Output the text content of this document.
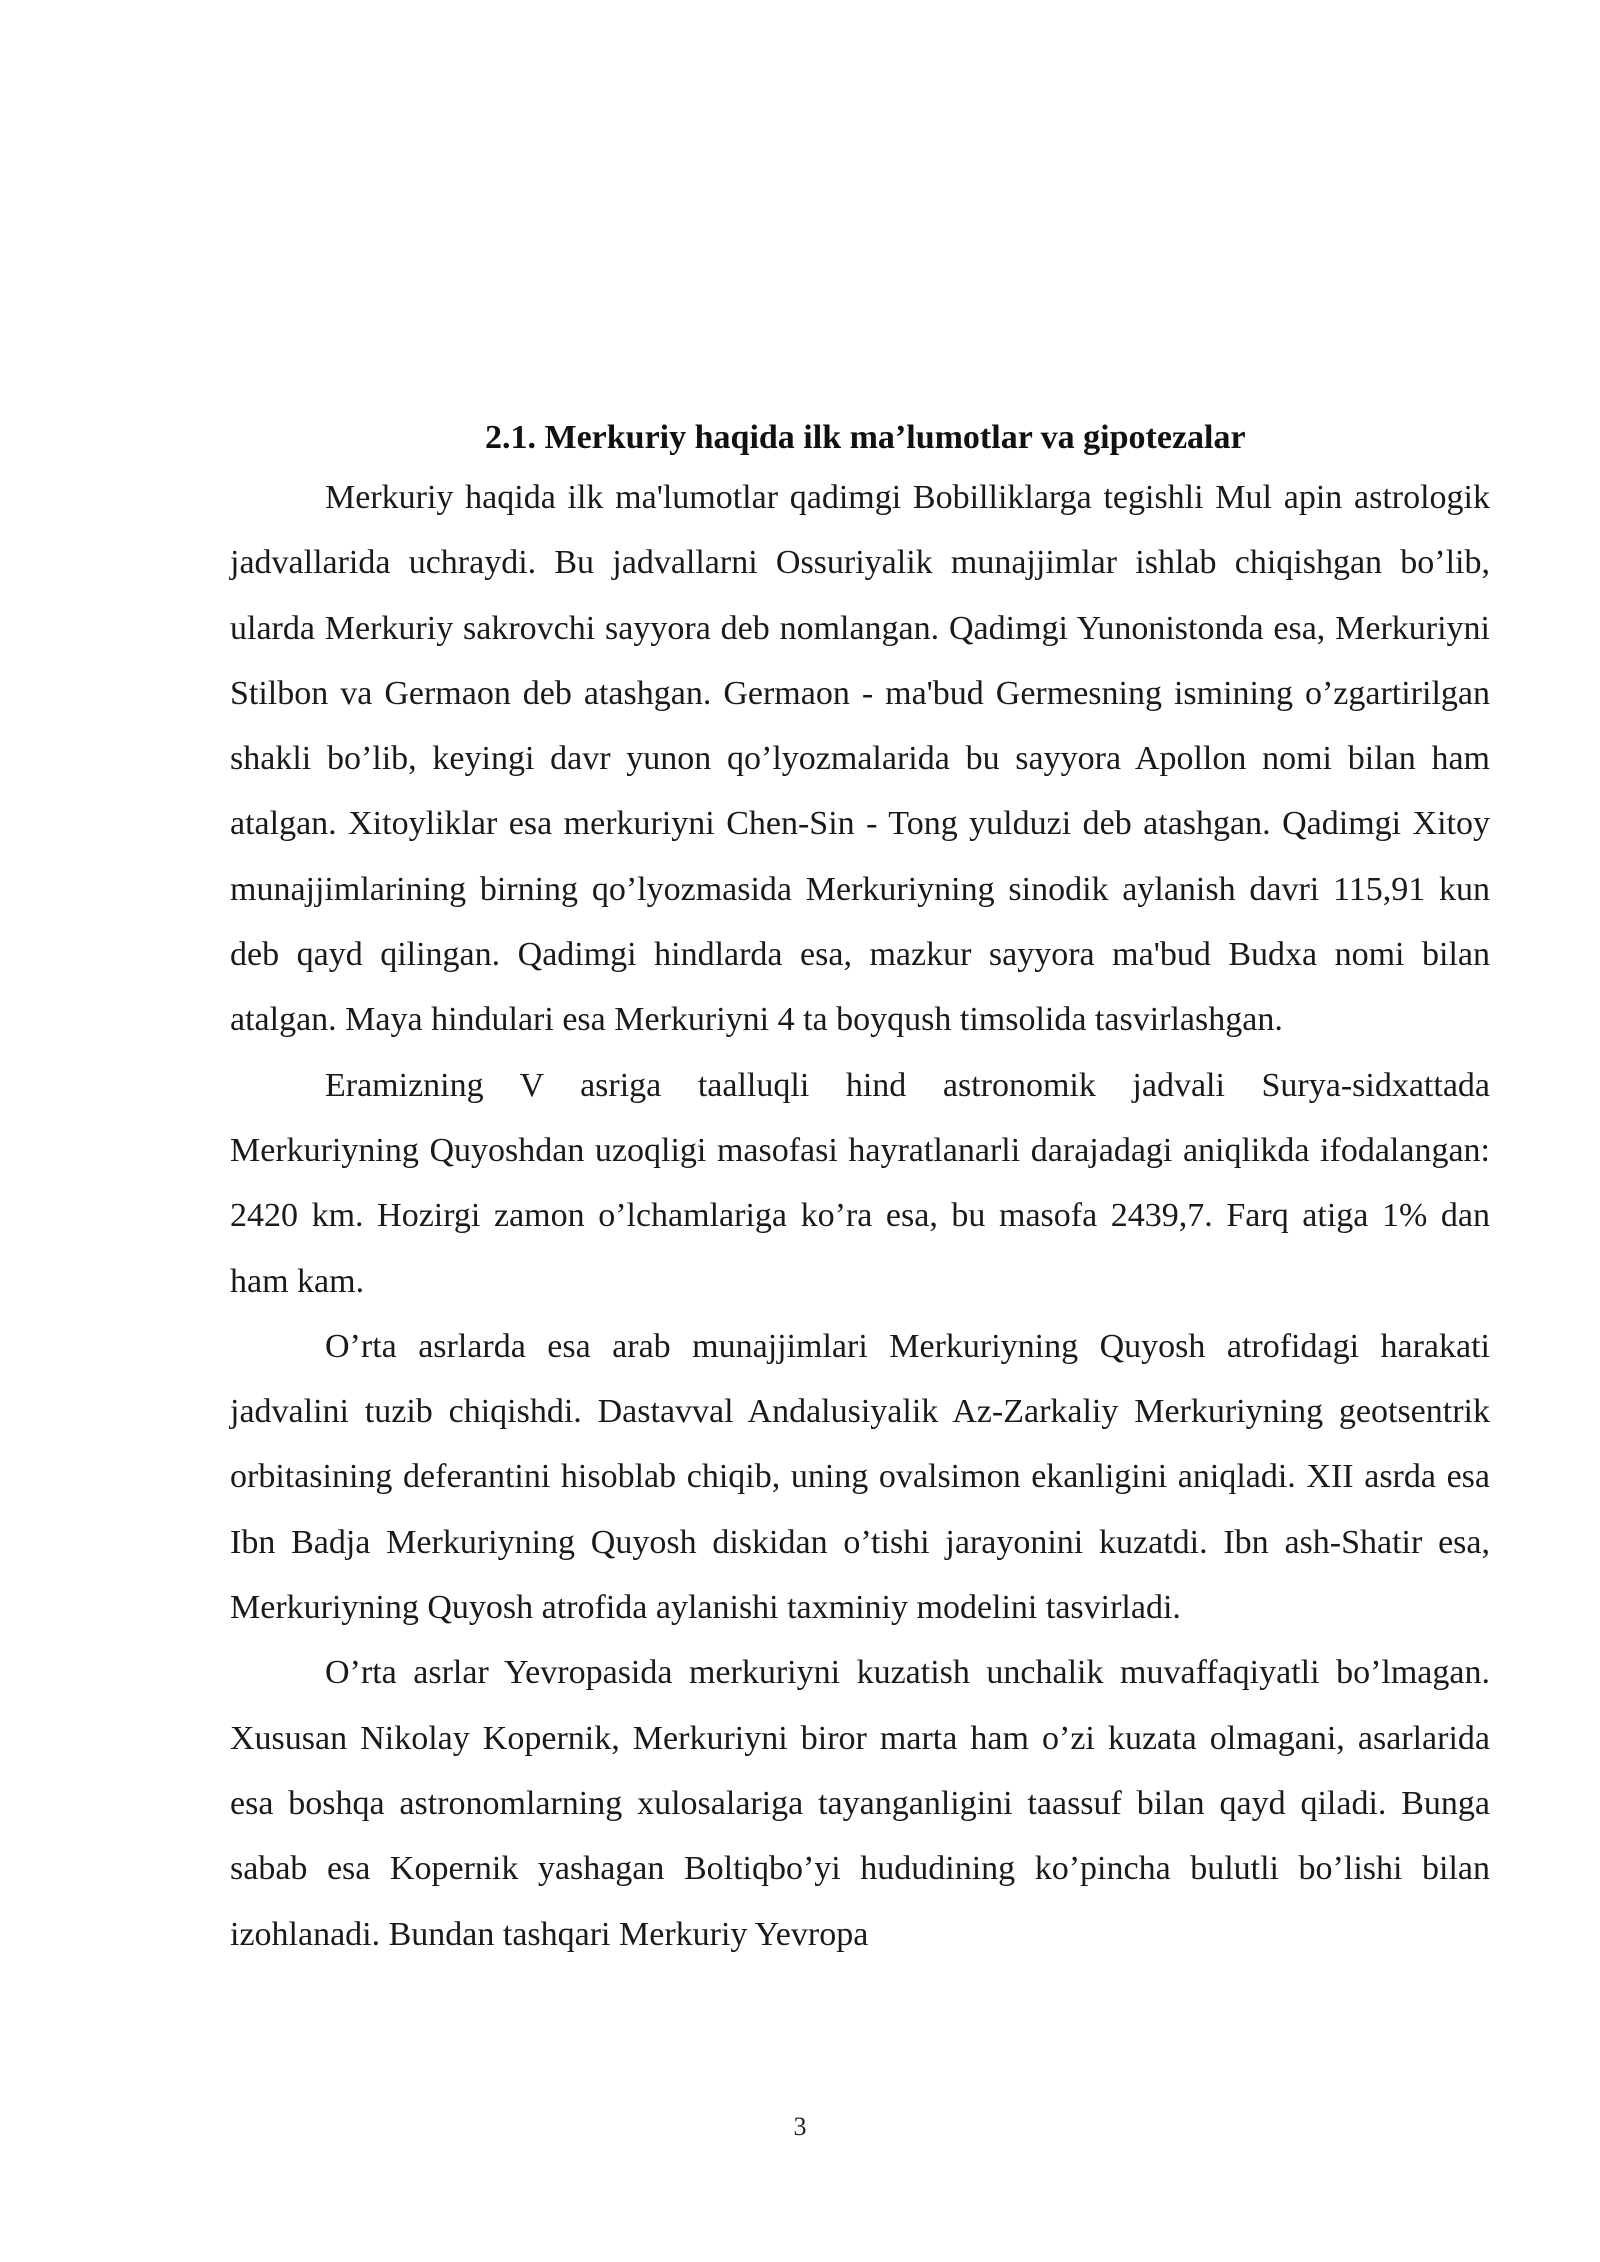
2.1. Merkuriy haqida ilk ma’lumotlar va gipotezalar

Merkuriy haqida ilk ma'lumotlar qadimgi Bobilliklarga tegishli Mul apin astrologik jadvallarida uchraydi. Bu jadvallarni Ossuriyalik munajjimlar ishlab chiqishgan bo’lib, ularda Merkuriy sakrovchi sayyora deb nomlangan. Qadimgi Yunonistonda esa, Merkuriyni Stilbon va Germaon deb atashgan. Germaon - ma'bud Germesning ismining o’zgartirilgan shakli bo’lib, keyingi davr yunon qo’lyozmalarida bu sayyora Apollon nomi bilan ham atalgan. Xitoyliklar esa merkuriyni Chen-Sin - Tong yulduzi deb atashgan. Qadimgi Xitoy munajjimlarining birning qo’lyozmasida Merkuriyning sinodik aylanish davri 115,91 kun deb qayd qilingan. Qadimgi hindlarda esa, mazkur sayyora ma'bud Budxa nomi bilan atalgan. Maya hindulari esa Merkuriyni 4 ta boyqush timsolida tasvirlashgan.

Eramizning V asriga taalluqli hind astronomik jadvali Surya-sidxattada Merkuriyning Quyoshdan uzoqligi masofasi hayratlanarli darajadagi aniqlikda ifodalangan: 2420 km. Hozirgi zamon o’lchamlariga ko’ra esa, bu masofa 2439,7. Farq atiga 1% dan ham kam.

O’rta asrlarda esa arab munajjimlari Merkuriyning Quyosh atrofidagi harakati jadvalini tuzib chiqishdi. Dastavval Andalusiyalik Az-Zarkaliy Merkuriyning geotsentrik orbitasining deferantini hisoblab chiqib, uning ovalsimon ekanligini aniqladi. XII asrda esa Ibn Badja Merkuriyning Quyosh diskidan o’tishi jarayonini kuzatdi. Ibn ash-Shatir esa, Merkuriyning Quyosh atrofida aylanishi taxminiy modelini tasvirladi.

O’rta asrlar Yevropasida merkuriyni kuzatish unchalik muvaffaqiyatli bo’lmagan. Xususan Nikolay Kopernik, Merkuriyni biror marta ham o’zi kuzata olmagani, asarlarida esa boshqa astronomlarning xulosalariga tayanganligini taassuf bilan qayd qiladi. Bunga sabab esa Kopernik yashagan Boltiqbo’yi hududining ko’pincha bulutli bo’lishi bilan izohlanadi. Bundan tashqari Merkuriy Yevropa

3
